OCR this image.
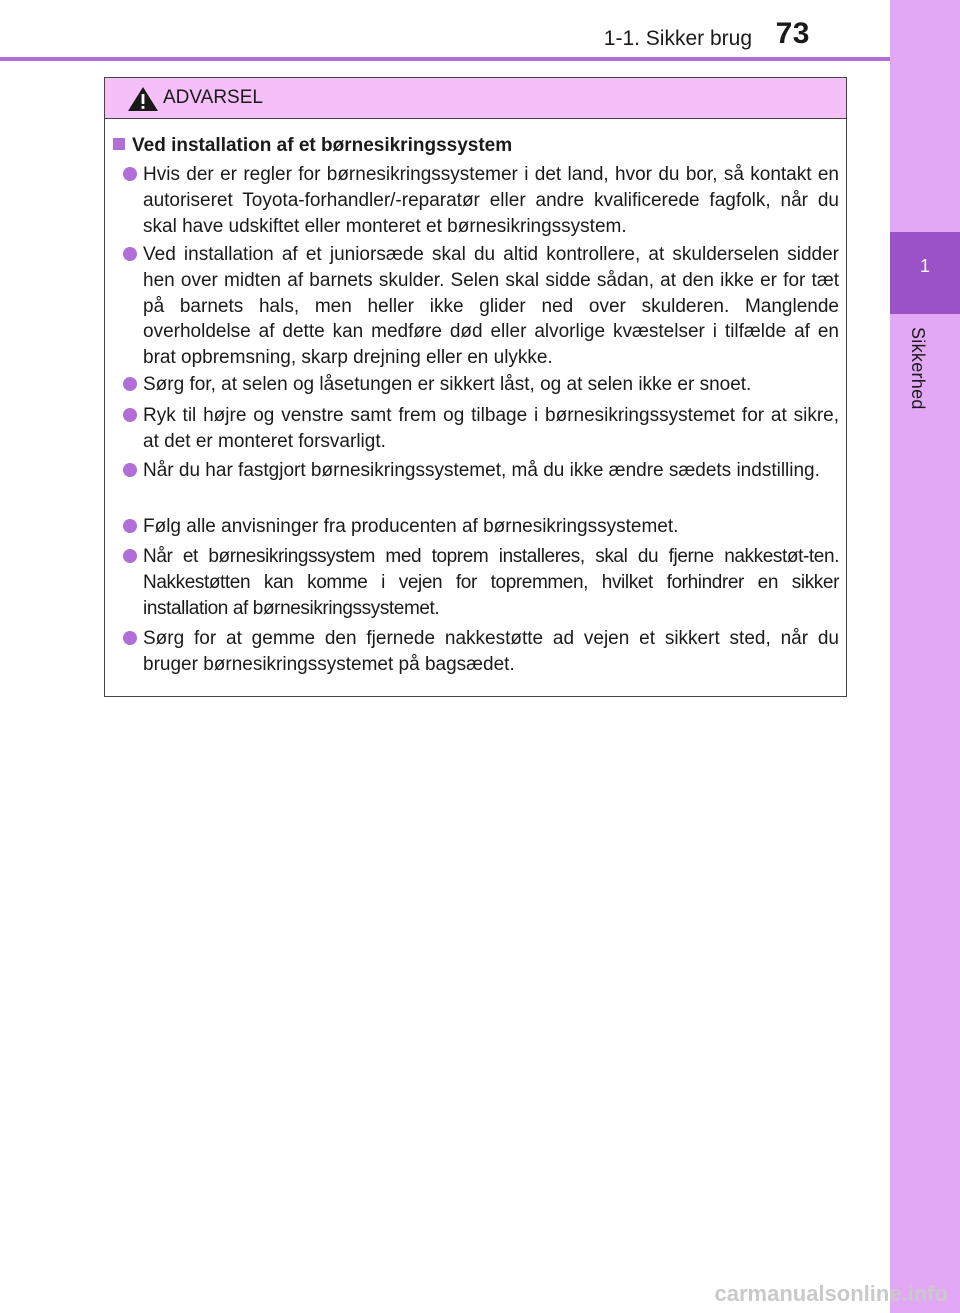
1-1. Sikker brug 73
1
Sikkerhed
ADVARSEL
Ved installation af et børnesikringssystem
Hvis der er regler for børnesikringssystemer i det land, hvor du bor, så kontakt en autoriseret Toyota-forhandler/-reparatør eller andre kvalificerede fagfolk, når du skal have udskiftet eller monteret et børnesikringssystem.
Ved installation af et juniorsæde skal du altid kontrollere, at skulderselen sidder hen over midten af barnets skulder. Selen skal sidde sådan, at den ikke er for tæt på barnets hals, men heller ikke glider ned over skulderen. Manglende overholdelse af dette kan medføre død eller alvorlige kvæstelser i tilfælde af en brat opbremsning, skarp drejning eller en ulykke.
Sørg for, at selen og låsetungen er sikkert låst, og at selen ikke er snoet.
Ryk til højre og venstre samt frem og tilbage i børnesikringssystemet for at sikre, at det er monteret forsvarligt.
Når du har fastgjort børnesikringssystemet, må du ikke ændre sædets indstilling.
Følg alle anvisninger fra producenten af børnesikringssystemet.
Når et børnesikringssystem med toprem installeres, skal du fjerne nakkestøt-ten. Nakkestøtten kan komme i vejen for topremmen, hvilket forhindrer en sikker installation af børnesikringssystemet.
Sørg for at gemme den fjernede nakkestøtte ad vejen et sikkert sted, når du bruger børnesikringssystemet på bagsædet.
carmanualsonline.info
